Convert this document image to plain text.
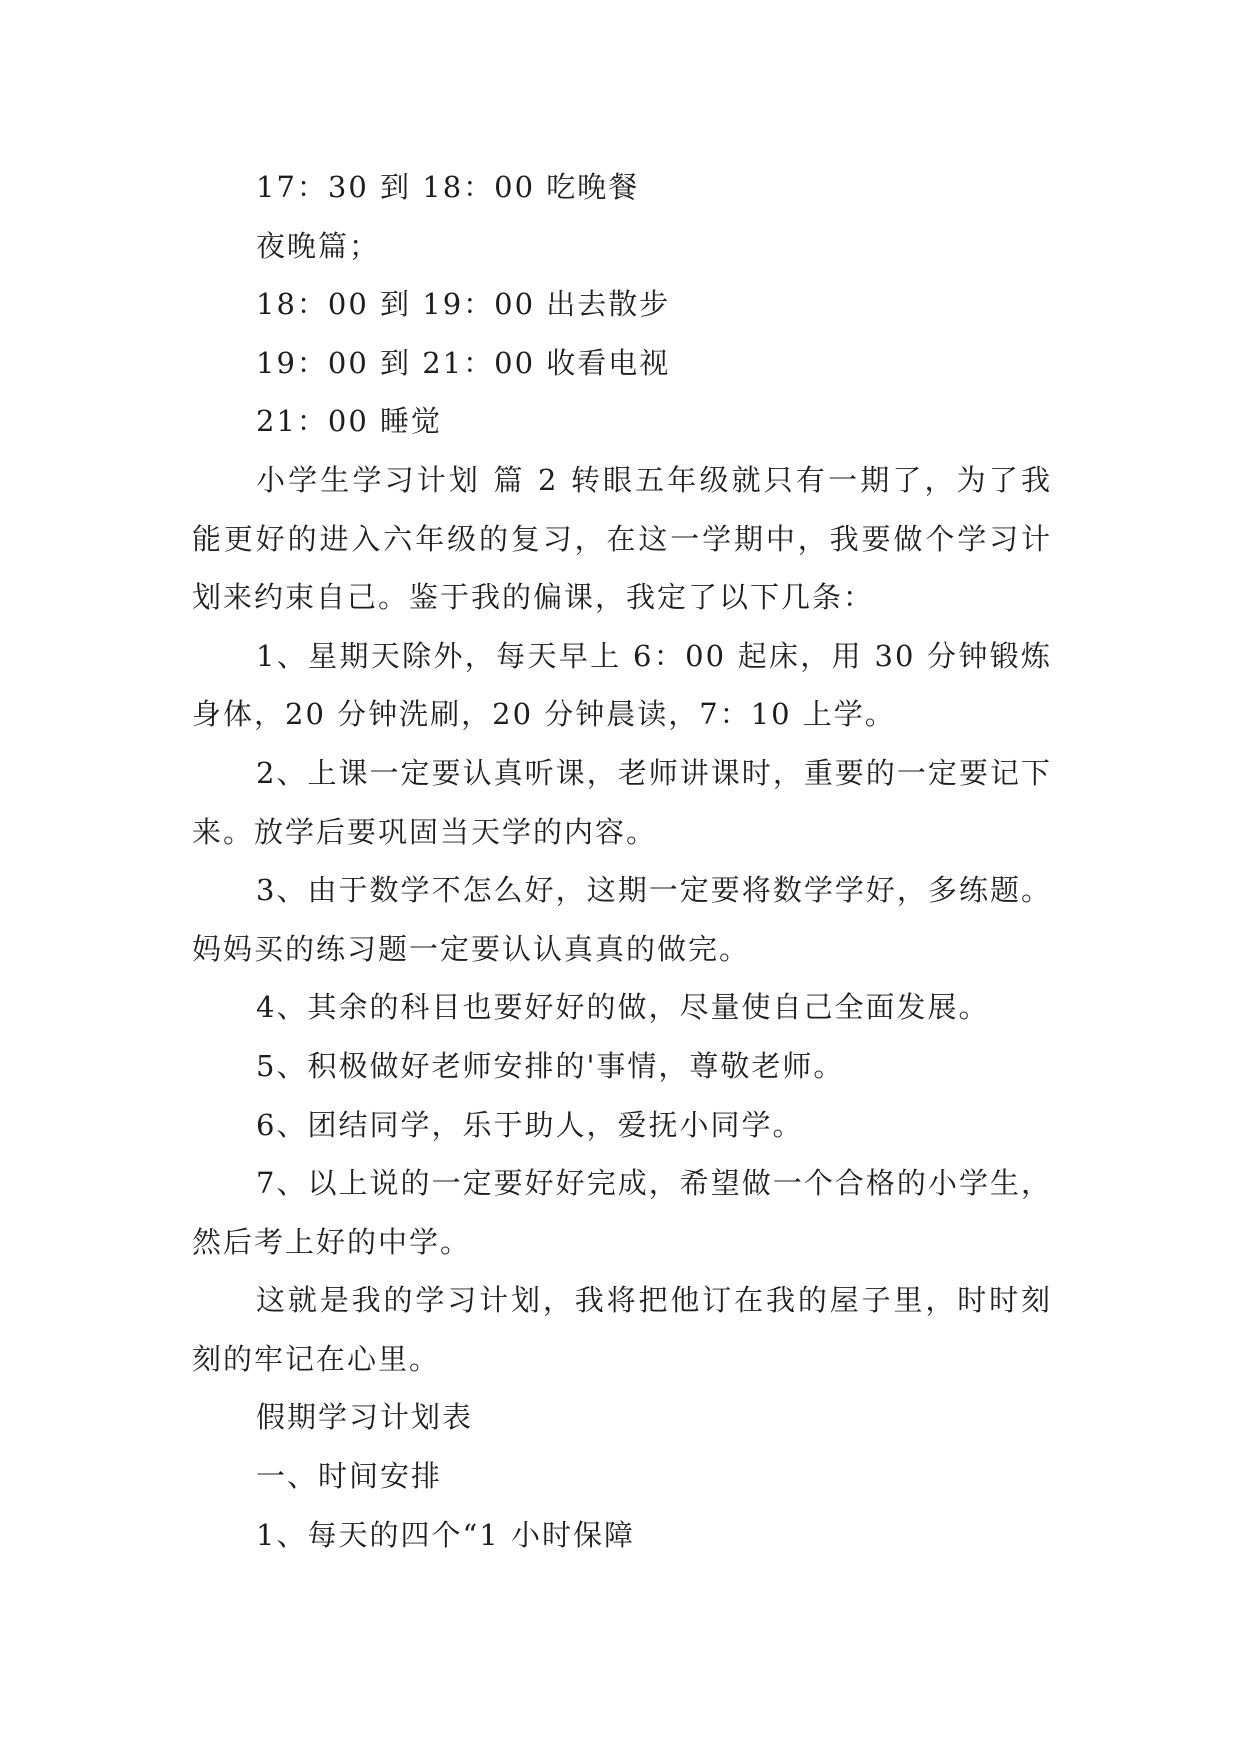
17：30 到 18：00 吃晚餐

夜晚篇；

18：00 到 19：00 出去散步

19：00 到 21：00 收看电视

21：00 睡觉

小学生学习计划 篇 2 转眼五年级就只有一期了，为了我能更好的进入六年级的复习，在这一学期中，我要做个学习计划来约束自己。鉴于我的偏课，我定了以下几条：

1、星期天除外，每天早上 6：00 起床，用 30 分钟锻炼身体，20 分钟洗刷，20 分钟晨读，7：10 上学。

2、上课一定要认真听课，老师讲课时，重要的一定要记下来。放学后要巩固当天学的内容。

3、由于数学不怎么好，这期一定要将数学学好，多练题。妈妈买的练习题一定要认认真真的做完。

4、其余的科目也要好好的做，尽量使自己全面发展。

5、积极做好老师安排的'事情，尊敬老师。

6、团结同学，乐于助人，爱抚小同学。

7、以上说的一定要好好完成，希望做一个合格的小学生，然后考上好的中学。

这就是我的学习计划，我将把他订在我的屋子里，时时刻刻的牢记在心里。

假期学习计划表

一、时间安排

1、每天的四个“1 小时保障
